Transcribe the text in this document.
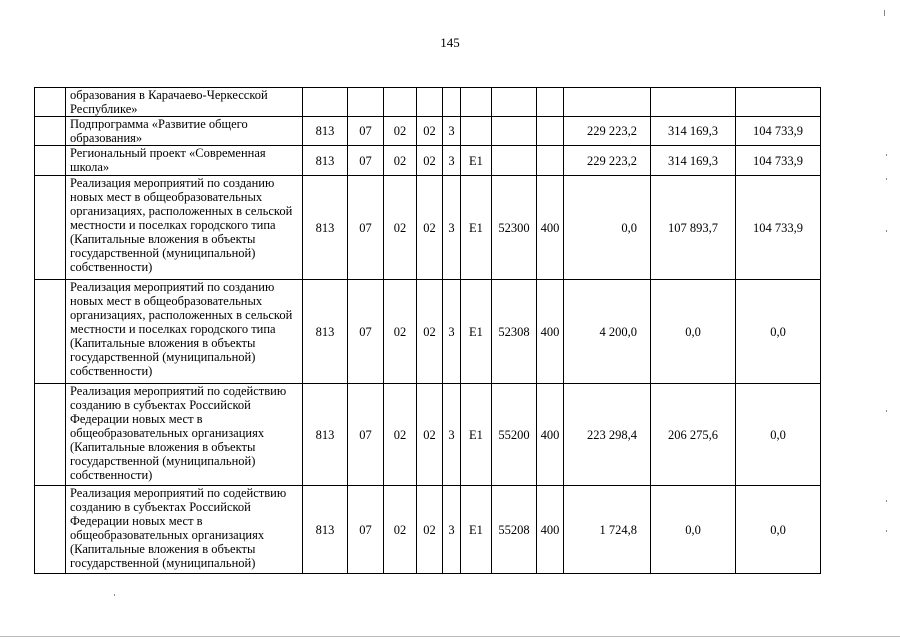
145
	образования в Карачаево-Черкесской Республике»											
	Подпрограмма «Развитие общего образования»	813	07	02	02	3				229 223,2	314 169,3	104 733,9
	Региональный проект «Современная школа»	813	07	02	02	3	Е1			229 223,2	314 169,3	104 733,9
	Реализация мероприятий по созданию новых мест в общеобразовательных организациях, расположенных в сельской местности и поселках городского типа (Капитальные вложения в объекты государственной (муниципальной) собственности)	813	07	02	02	3	Е1	52300	400	0,0	107 893,7	104 733,9
	Реализация мероприятий по созданию новых мест в общеобразовательных организациях, расположенных в сельской местности и поселках городского типа (Капитальные вложения в объекты государственной (муниципальной) собственности)	813	07	02	02	3	Е1	52308	400	4 200,0	0,0	0,0
	Реализация мероприятий по содействию созданию в субъектах Российской Федерации новых мест в общеобразовательных организациях (Капитальные вложения в объекты государственной (муниципальной) собственности)	813	07	02	02	3	Е1	55200	400	223 298,4	206 275,6	0,0
	Реализация мероприятий по содействию созданию в субъектах Российской Федерации новых мест в общеобразовательных организациях (Капитальные вложения в объекты государственной (муниципальной)	813	07	02	02	3	Е1	55208	400	1 724,8	0,0	0,0
